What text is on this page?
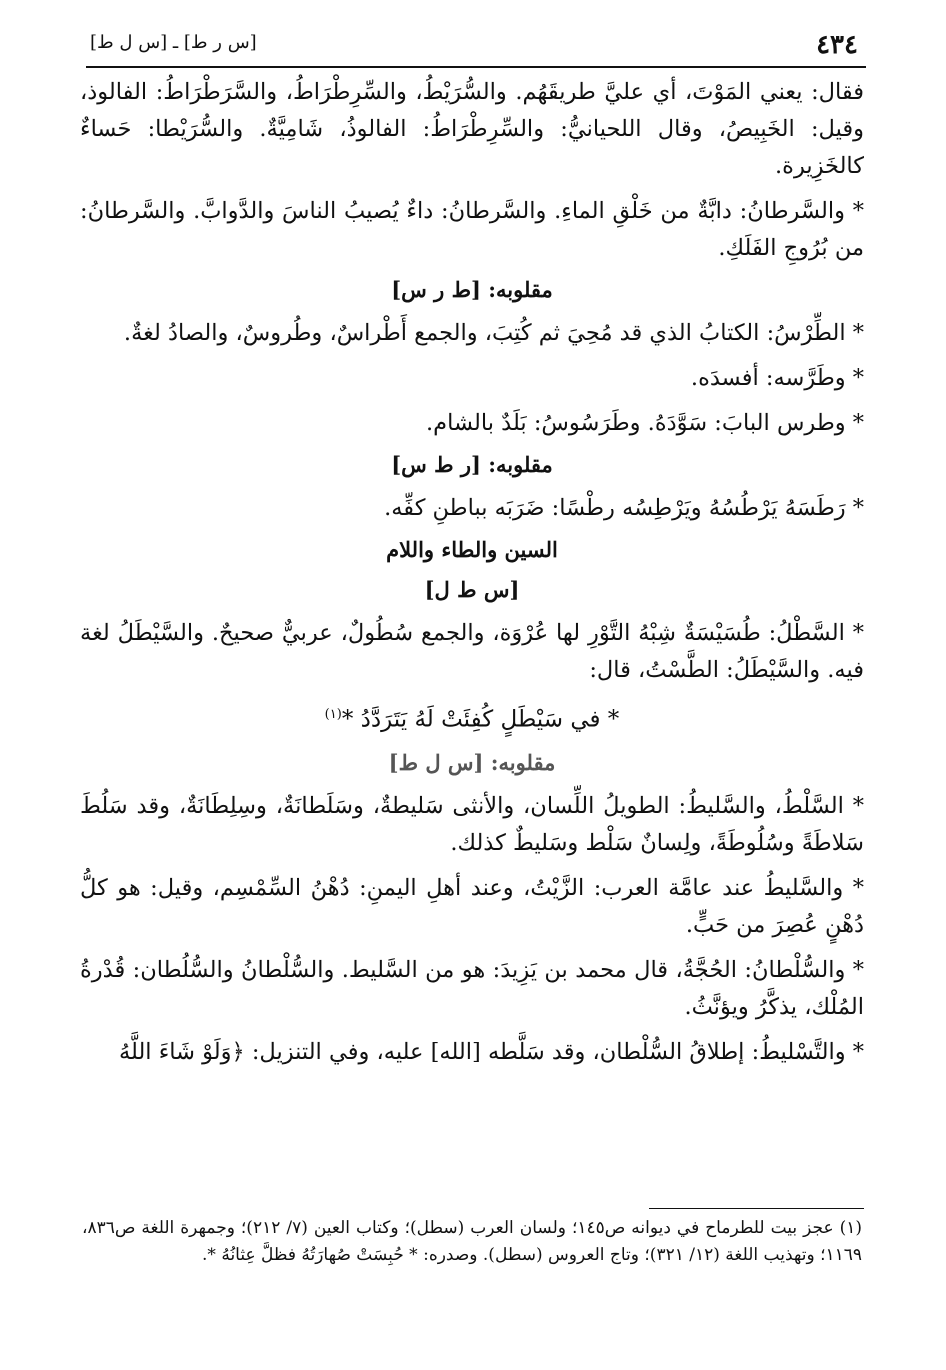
٤٣٤
[س ر ط] ـ [س ل ط]

فقال: يعني المَوْتَ، أي عليَّ طريقَهُم. والسُّرَيْطُ، والسِّرِطْرَاطُ، والسَّرَطْرَاطُ: الفالوذ، وقيل: الخَبِيصُ، وقال اللحيانيُّ: والسِّرِطْرَاطُ: الفالوذُ، شَامِيَّةٌ. والسُّرَيْطا: حَساءٌ كالخَزِيرة.

* والسَّرطانُ: دابَّةٌ من خَلْقِ الماءِ. والسَّرطانُ: داءٌ يُصيبُ الناسَ والدَّوابَّ. والسَّرطانُ: من بُرُوجِ الفَلَكِ.

مقلوبه: [ط ر س]

* الطِّرْسُ: الكتابُ الذي قد مُحِيَ ثم كُتِبَ، والجمع أَطْراسٌ، وطُروسٌ، والصادُ لغةٌ.

* وطَرَّسه: أفسدَه.

* وطرس البابَ: سَوَّدَهُ. وطَرَسُوسُ: بَلَدٌ بالشام.

مقلوبه: [ر ط س]

* رَطَسَهُ يَرْطُسُهُ ويَرْطِسُه رطْسًا: ضَرَبَه بباطنِ كفِّه.

السين والطاء واللام
[س ط ل]

* السَّطْلُ: طُسَيْسَةٌ شِبْهُ التَّوْرِ لها عُرْوَة، والجمع سُطُولٌ، عربيٌّ صحيحٌ. والسَّيْطَلُ لغة فيه. والسَّيْطَلُ: الطَّسْتُ، قال:

* في سَيْطَلٍ كُفِئَتْ لَهُ يَتَرَدَّدُ *$^{(١)}$
مقلوبه: [س ل ط]

* السَّلْطُ، والسَّليطُ: الطويلُ اللِّسان، والأنثى سَليطةٌ، وسَلَطانَةٌ، وسِلِطَانَةٌ، وقد سَلُطَ سَلاطَةً وسُلُوطَةً، ولِسانٌ سَلْط وسَليطٌ كذلك.

* والسَّليطُ عند عامَّة العرب: الزَّيْتُ، وعند أهلِ اليمنِ: دُهْنُ السِّمْسِم، وقيل: هو كلُّ دُهْنٍ عُصِرَ من حَبٍّ.

* والسُّلْطانُ: الحُجَّةُ، قال محمد بن يَزِيدَ: هو من السَّليط. والسُّلْطانُ والسُّلُطان: قُدْرةُ المُلْك، يذكَّرُ ويؤنَّثُ.

* والتَّسْليطُ: إطلاقُ السُّلْطان، وقد سَلَّطه [الله] عليه، وفي التنزيل: ﴿وَلَوْ شَاءَ اللَّهُ

(١) عجز بيت للطرماح في ديوانه ص١٤٥؛ ولسان العرب (سطل)؛ وكتاب العين (٧/ ٢١٢)؛ وجمهرة اللغة ص٨٣٦، ١١٦٩؛ وتهذيب اللغة (١٢/ ٣٢١)؛ وتاج العروس (سطل). وصدره: * حُبِسَتْ صُهارَتُهُ فظلَّ عِثانُهُ *.
